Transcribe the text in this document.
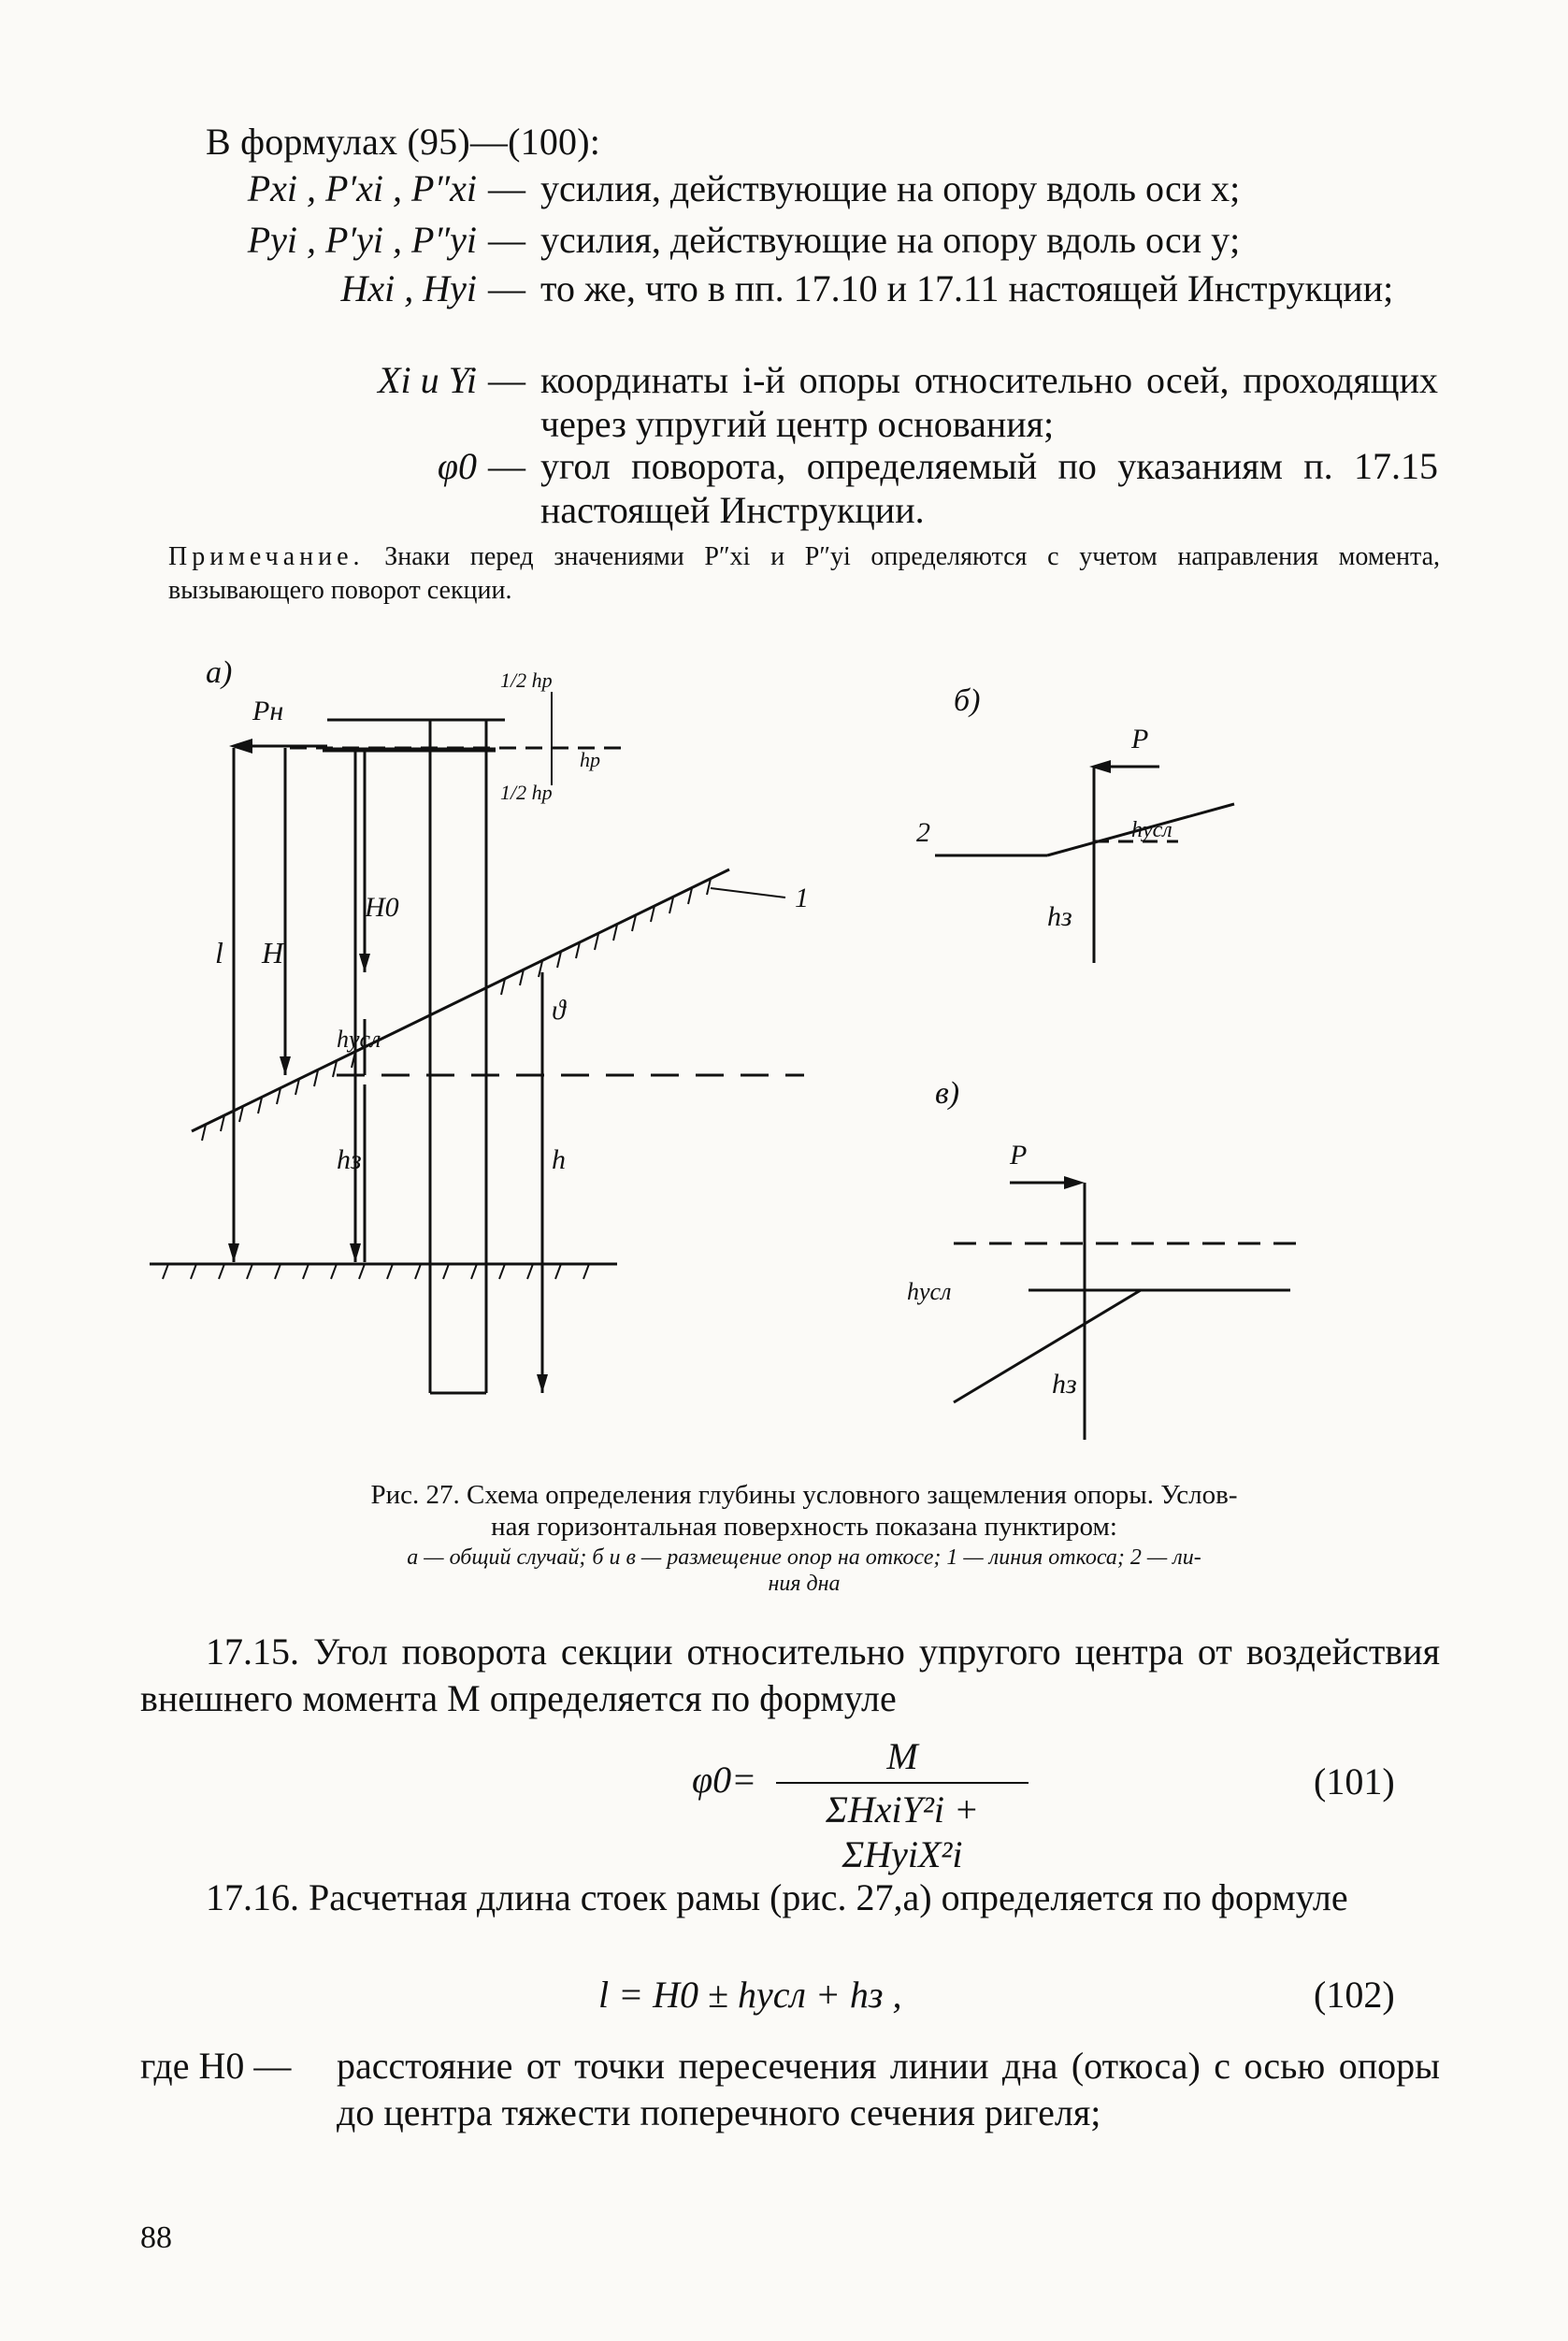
В формулах (95)—(100):
Pxi , P′xi , P″xi — усилия, действующие на опору вдоль оси x;
Pyi , P′yi , P″yi — усилия, действующие на опору вдоль оси y;
Hxi , Hyi — то же, что в пп. 17.10 и 17.11 настоящей Инструкции;
Xi и Yi — координаты i-й опоры относительно осей, проходящих через упругий центр основания;
φ0 — угол поворота, определяемый по указаниям п. 17.15 настоящей Инструкции.
Примечание. Знаки перед значениями P″xi и P″yi определяются с учетом направления момента, вызывающего поворот секции.
а)
Pн
1
l H
H0
hусл
hз	h
ϑ
1/2 hp
hp
1/2 hp
б)
P
2	hусл
hз
в)
P
hусл
hз
Рис. 27. Схема определения глубины условного защемления опоры. Услов-
ная горизонтальная поверхность показана пунктиром:
а — общий случай; б и в — размещение опор на откосе; 1 — линия откоса; 2 — ли-
ния дна
17.15. Угол поворота секции относительно упругого центра от воздействия внешнего момента M определяется по формуле
φ0=
M
ΣHxiY²i + ΣHyiX²i
(101)
17.16. Расчетная длина стоек рамы (рис. 27,а) определяется по формуле
l = H0 ± hусл + hз ,	(102)
где H0 — расстояние от точки пересечения линии дна (откоса) с осью опоры до центра тяжести поперечного сечения ригеля;
88
